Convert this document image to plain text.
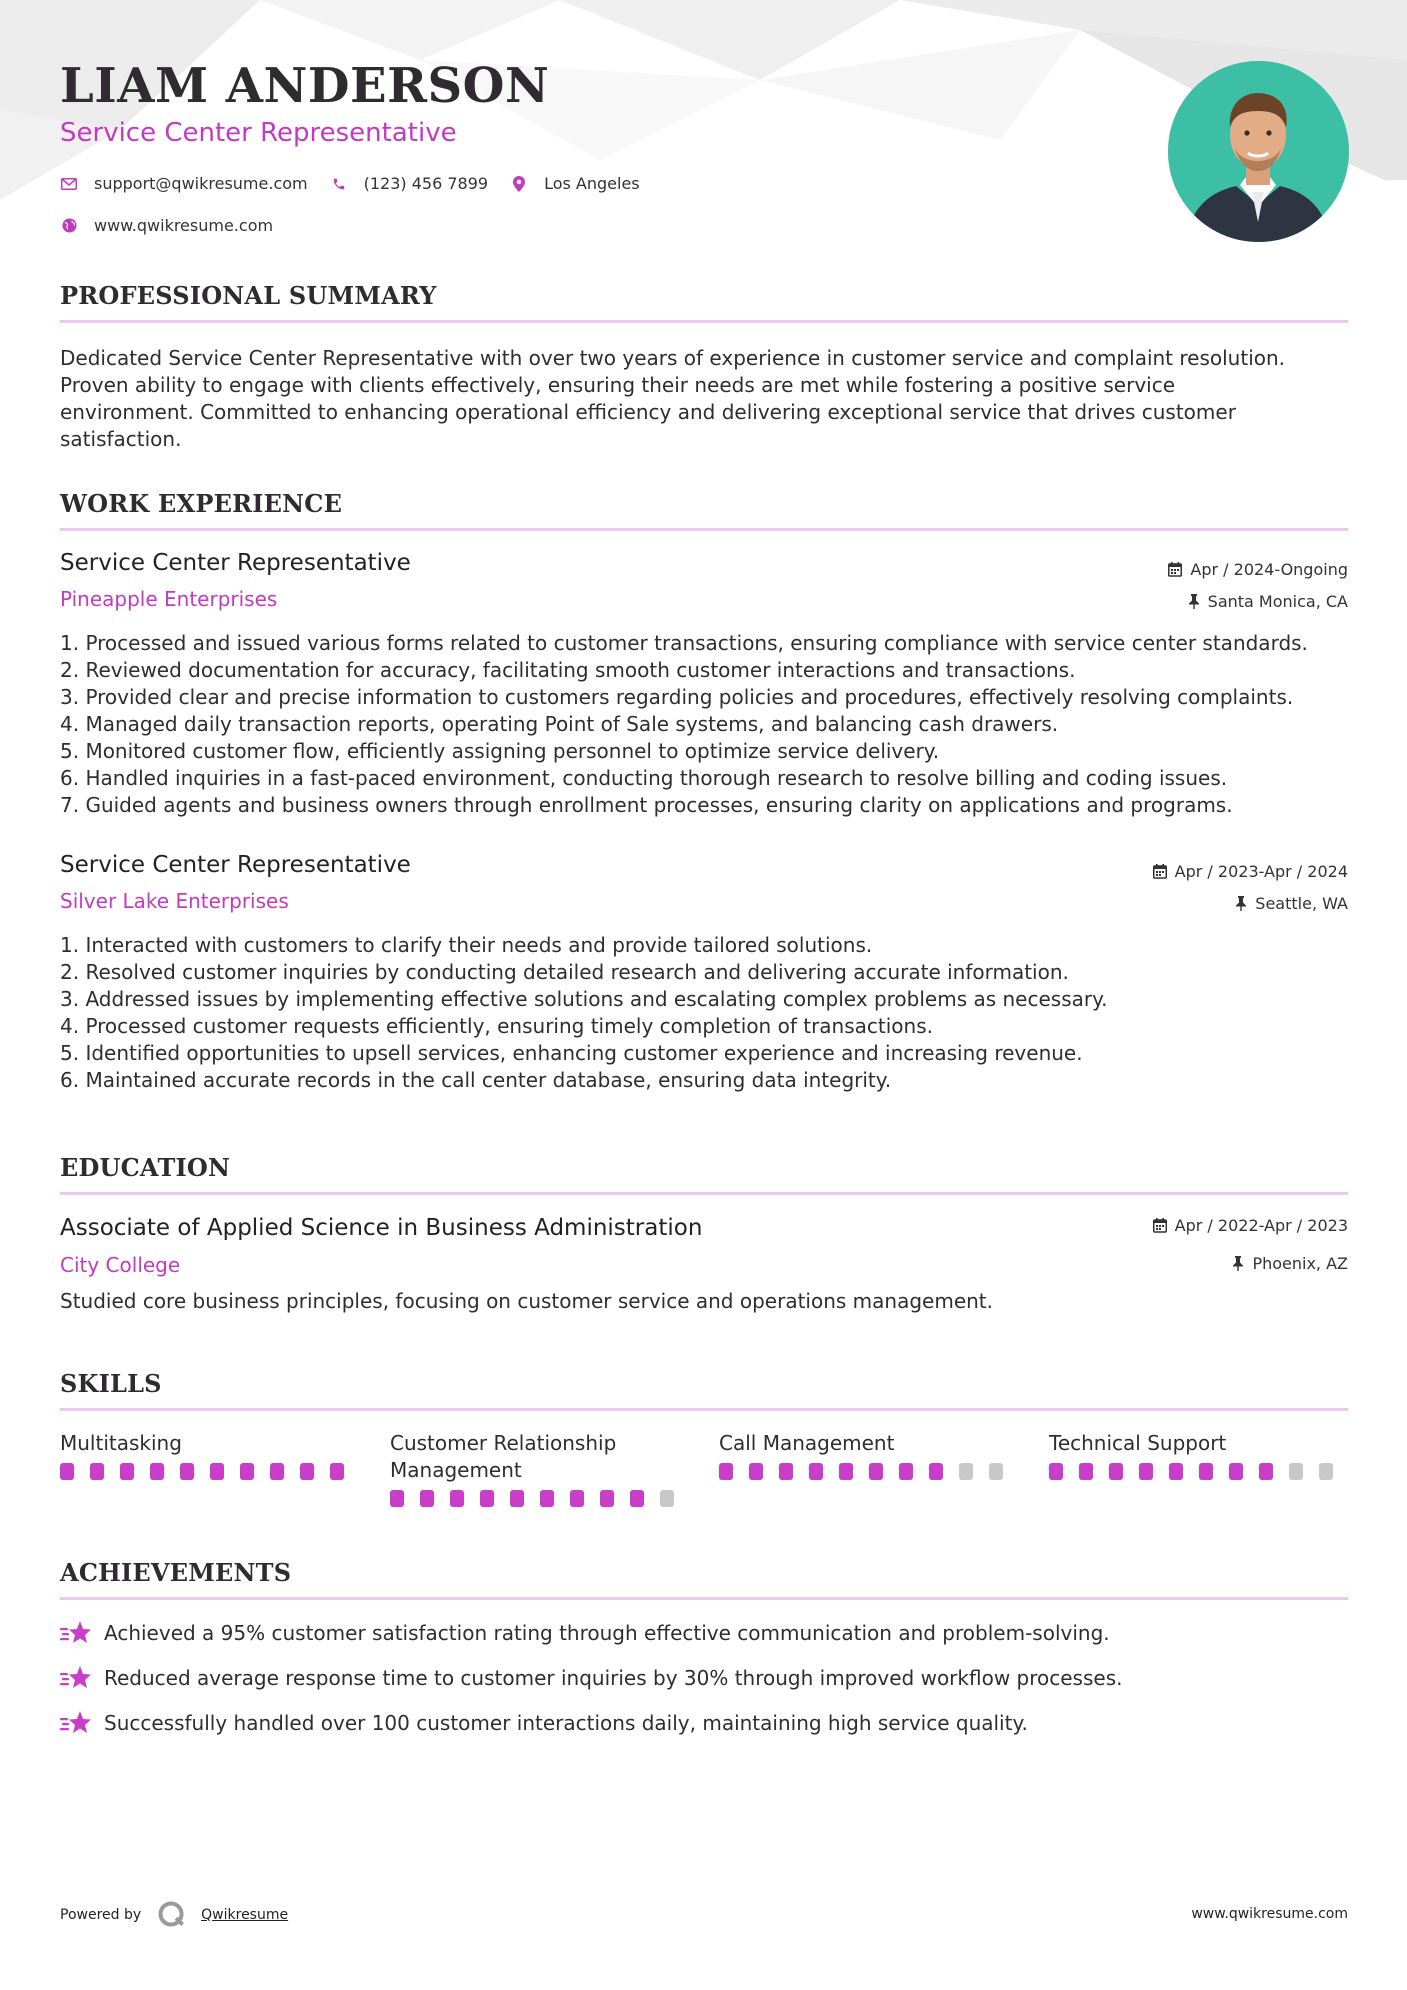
LIAM ANDERSON
Service Center Representative
support@qwikresume.com	(123) 456 7899	Los Angeles
www.qwikresume.com
PROFESSIONAL SUMMARY
Dedicated Service Center Representative with over two years of experience in customer service and complaint resolution.
Proven ability to engage with clients effectively, ensuring their needs are met while fostering a positive service
environment. Committed to enhancing operational efficiency and delivering exceptional service that drives customer
satisfaction.
WORK EXPERIENCE
Service Center Representative	Apr / 2024-Ongoing
Pineapple Enterprises	Santa Monica, CA
1. Processed and issued various forms related to customer transactions, ensuring compliance with service center standards.
2. Reviewed documentation for accuracy, facilitating smooth customer interactions and transactions.
3. Provided clear and precise information to customers regarding policies and procedures, effectively resolving complaints.
4. Managed daily transaction reports, operating Point of Sale systems, and balancing cash drawers.
5. Monitored customer flow, efficiently assigning personnel to optimize service delivery.
6. Handled inquiries in a fast-paced environment, conducting thorough research to resolve billing and coding issues.
7. Guided agents and business owners through enrollment processes, ensuring clarity on applications and programs.
Service Center Representative	Apr / 2023-Apr / 2024
Silver Lake Enterprises	Seattle, WA
1. Interacted with customers to clarify their needs and provide tailored solutions.
2. Resolved customer inquiries by conducting detailed research and delivering accurate information.
3. Addressed issues by implementing effective solutions and escalating complex problems as necessary.
4. Processed customer requests efficiently, ensuring timely completion of transactions.
5. Identified opportunities to upsell services, enhancing customer experience and increasing revenue.
6. Maintained accurate records in the call center database, ensuring data integrity.
EDUCATION
Associate of Applied Science in Business Administration	Apr / 2022-Apr / 2023
City College	Phoenix, AZ
Studied core business principles, focusing on customer service and operations management.
SKILLS
Multitasking	Customer Relationship
Management
Call Management	Technical Support
ACHIEVEMENTS
Achieved a 95% customer satisfaction rating through effective communication and problem-solving.
Reduced average response time to customer inquiries by 30% through improved workflow processes.
Successfully handled over 100 customer interactions daily, maintaining high service quality.
Powered by	Qwikresume	www.qwikresume.com
